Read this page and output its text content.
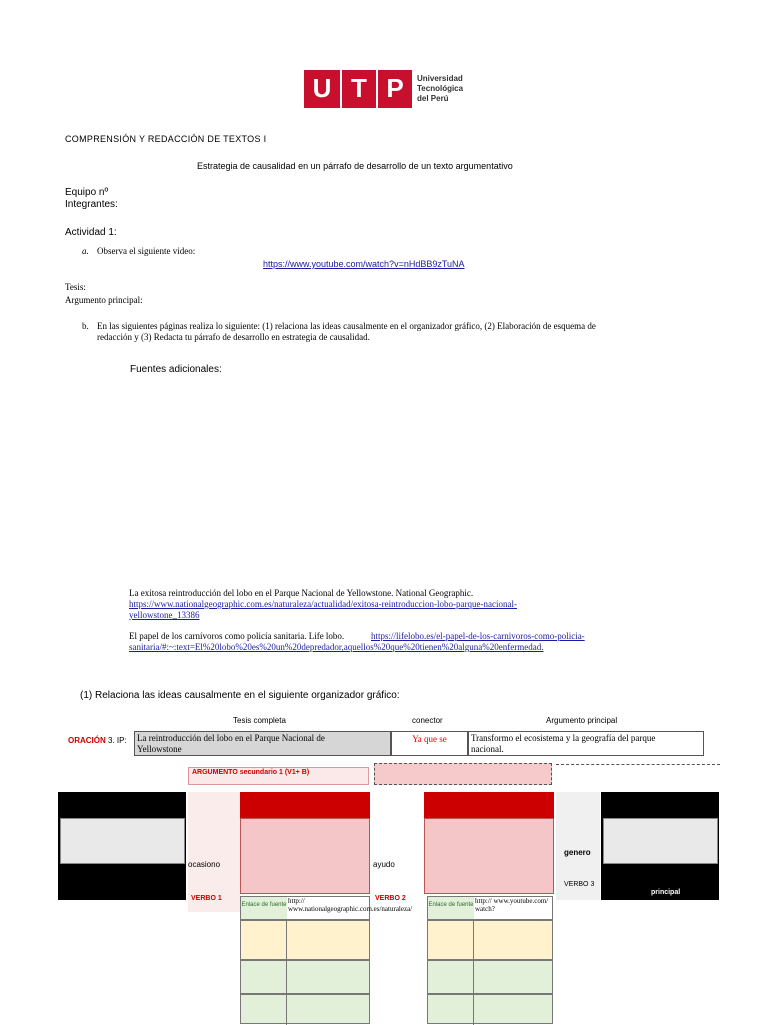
U T P	Universidad
Tecnológica
del Perú
COMPRENSIÓN Y REDACCIÓN DE TEXTOS I
Estrategia de causalidad en un párrafo de desarrollo de un texto argumentativo
Equipo nº
Integrantes:
Actividad 1:
a. Observa el siguiente video:
https://www.youtube.com/watch?v=nHdBB9zTuNA
Tesis:
Argumento principal:
b. En las siguientes páginas realiza lo siguiente: (1) relaciona las ideas causalmente en el organizador gráfico, (2) Elaboración de esquema de
redacción y (3) Redacta tu párrafo de desarrollo en estrategia de causalidad.
Fuentes adicionales:
La exitosa reintroducción del lobo en el Parque Nacional de Yellowstone. National Geographic.
https://www.nationalgeographic.com.es/naturaleza/actualidad/exitosa-reintroduccion-lobo-parque-nacional-
yellowstone_13386
El papel de los carnívoros como policía sanitaria. Life lobo.	https://lifelobo.es/el-papel-de-los-carnivoros-como-policia-
sanitaria/#:~:text=El%20lobo%20es%20un%20depredador,aquellos%20que%20tienen%20alguna%20enfermedad.
(1) Relaciona las ideas causalmente en el siguiente organizador gráfico:
Tesis completa	conector	Argumento principal
ORACIÓN 3. IP: La reintroducción del lobo en el Parque Nacional de
Yellowstone
Ya que se	Transformo el ecosistema y la geografía del parque
nacional.
ARGUMENTO secundario 1 (V1+ B)
ocasiono
VERBO 1
ayudo
VERBO 2
genero
VERBO 3
principal
Enlace de fuente http:// www.nationalgeographic.com.es/naturaleza/	Enlace de fuente http:// www.youtube.com/ watch?
